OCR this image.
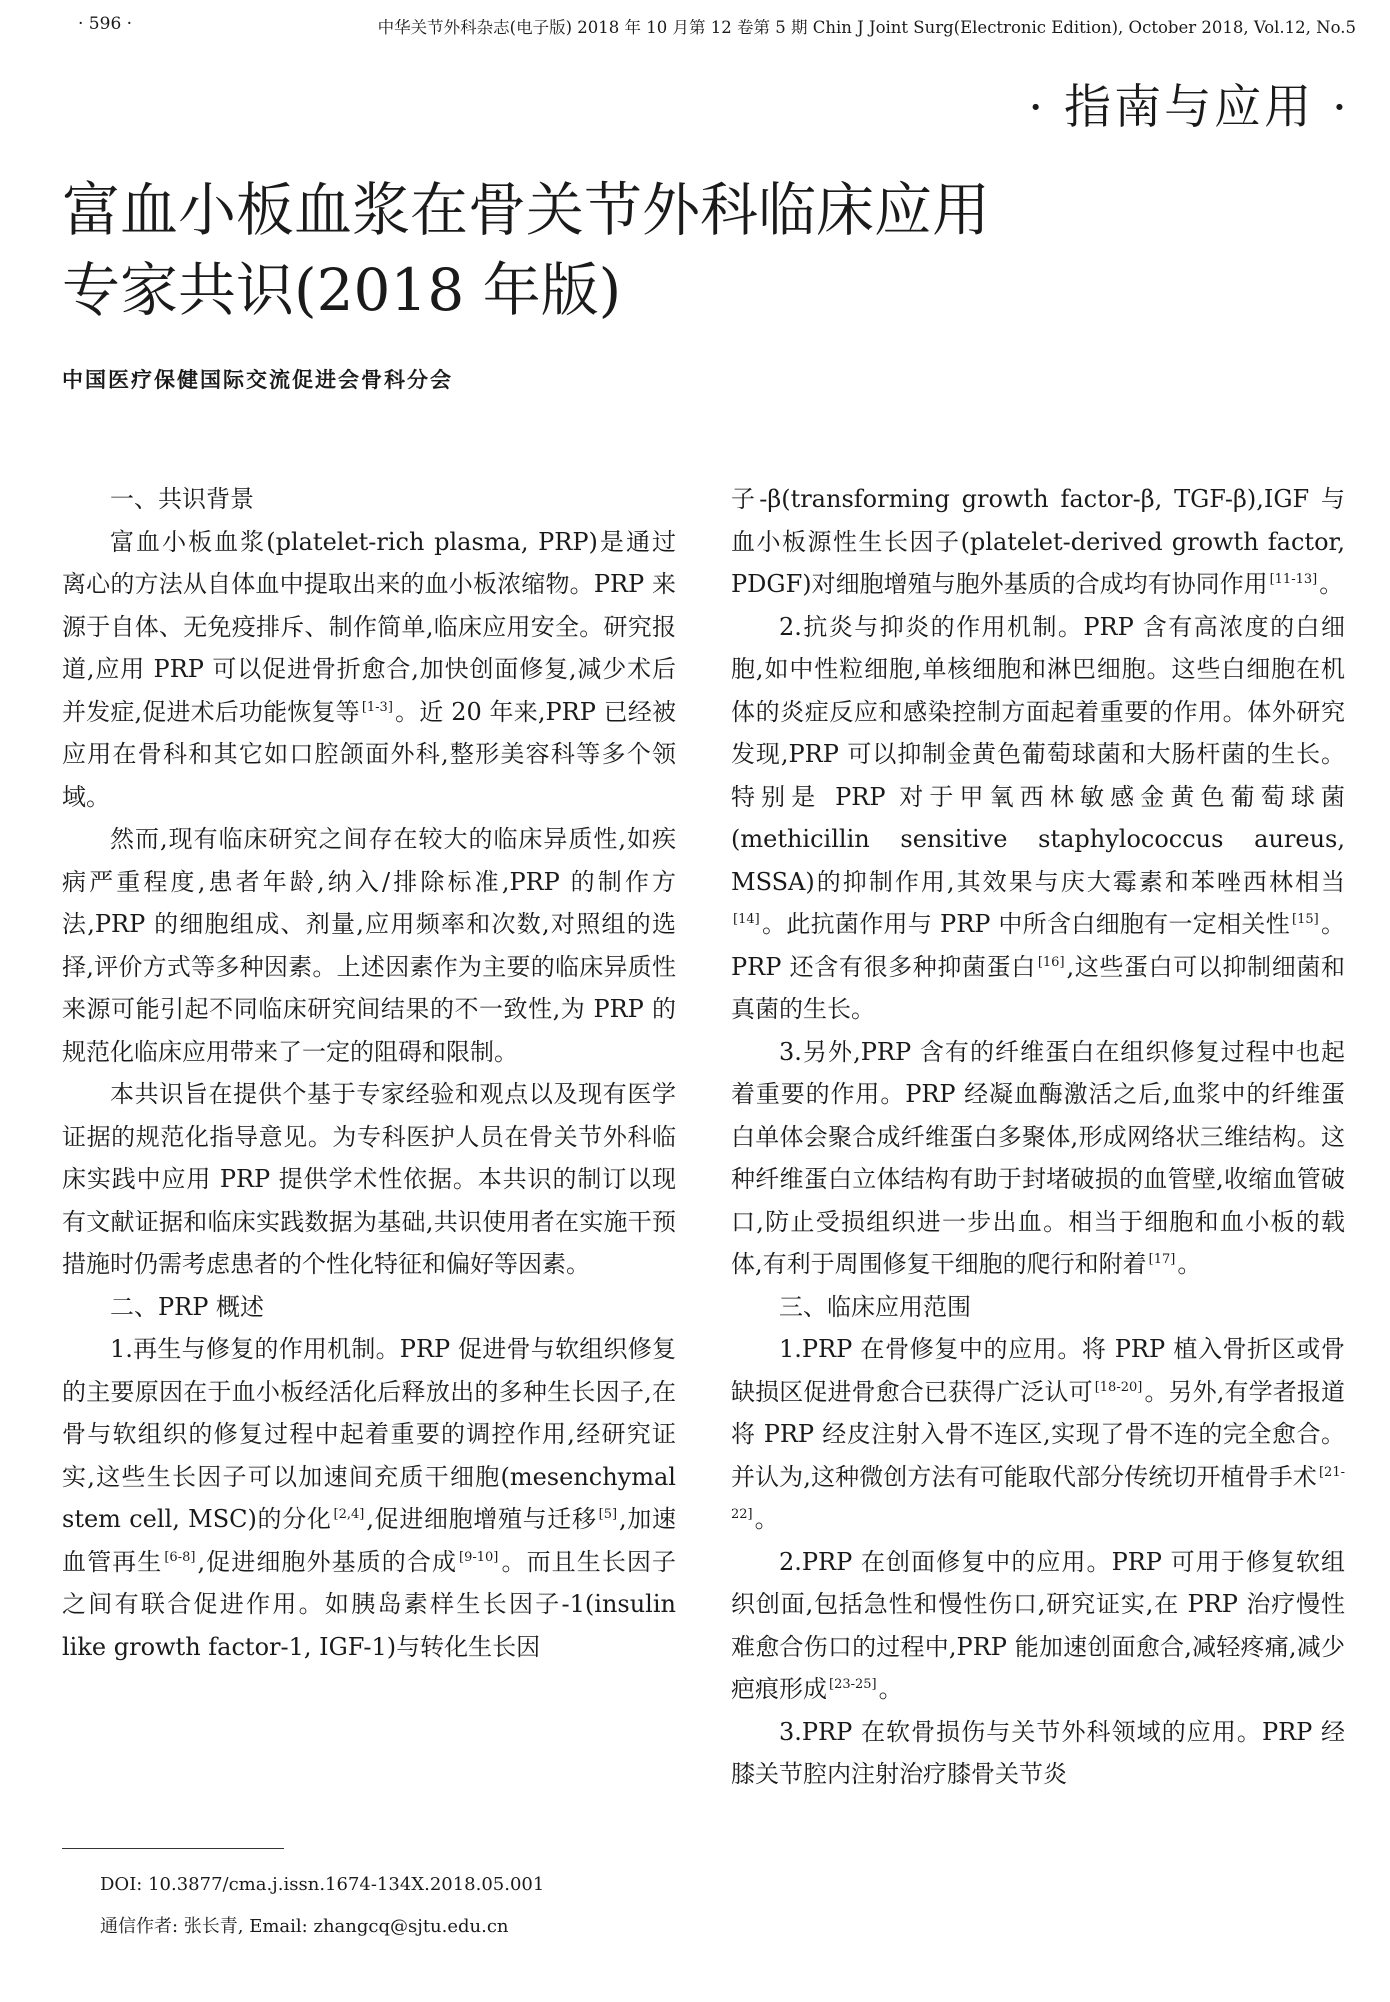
· 596 ·	中华关节外科杂志(电子版) 2018 年 10 月第 12 卷第 5 期 Chin J Joint Surg(Electronic Edition), October 2018, Vol.12, No.5
· 指南与应用 ·
富血小板血浆在骨关节外科临床应用
专家共识(2018 年版)
中国医疗保健国际交流促进会骨科分会
一、共识背景

富血小板血浆(platelet-rich plasma, PRP)是通过离心的方法从自体血中提取出来的血小板浓缩物。PRP 来源于自体、无免疫排斥、制作简单,临床应用安全。研究报道,应用 PRP 可以促进骨折愈合,加快创面修复,减少术后并发症,促进术后功能恢复等 [1-3]。近 20 年来,PRP 已经被应用在骨科和其它如口腔颌面外科,整形美容科等多个领域。

然而,现有临床研究之间存在较大的临床异质性,如疾病严重程度,患者年龄,纳入/排除标准,PRP 的制作方法,PRP 的细胞组成、剂量,应用频率和次数,对照组的选择,评价方式等多种因素。上述因素作为主要的临床异质性来源可能引起不同临床研究间结果的不一致性,为 PRP 的规范化临床应用带来了一定的阻碍和限制。

本共识旨在提供个基于专家经验和观点以及现有医学证据的规范化指导意见。为专科医护人员在骨关节外科临床实践中应用 PRP 提供学术性依据。本共识的制订以现有文献证据和临床实践数据为基础,共识使用者在实施干预措施时仍需考虑患者的个性化特征和偏好等因素。

二、PRP 概述

1.再生与修复的作用机制。PRP 促进骨与软组织修复的主要原因在于血小板经活化后释放出的多种生长因子,在骨与软组织的修复过程中起着重要的调控作用,经研究证实,这些生长因子可以加速间充质干细胞(mesenchymal stem cell, MSC)的分化 [2,4],促进细胞增殖与迁移 [5],加速血管再生 [6-8],促进细胞外基质的合成 [9-10]。而且生长因子之间有联合促进作用。如胰岛素样生长因子-1(insulin like growth factor-1, IGF-1)与转化生长因

子-β(transforming growth factor-β, TGF-β),IGF 与血小板源性生长因子(platelet-derived growth factor, PDGF)对细胞增殖与胞外基质的合成均有协同作用 [11-13]。

2.抗炎与抑炎的作用机制。PRP 含有高浓度的白细胞,如中性粒细胞,单核细胞和淋巴细胞。这些白细胞在机体的炎症反应和感染控制方面起着重要的作用。体外研究发现,PRP 可以抑制金黄色葡萄球菌和大肠杆菌的生长。特别是 PRP 对于甲氧西林敏感金黄色葡萄球菌(methicillin sensitive staphylococcus aureus, MSSA)的抑制作用,其效果与庆大霉素和苯唑西林相当[14]。此抗菌作用与 PRP 中所含白细胞有一定相关性 [15]。PRP 还含有很多种抑菌蛋白 [16],这些蛋白可以抑制细菌和真菌的生长。

3.另外,PRP 含有的纤维蛋白在组织修复过程中也起着重要的作用。PRP 经凝血酶激活之后,血浆中的纤维蛋白单体会聚合成纤维蛋白多聚体,形成网络状三维结构。这种纤维蛋白立体结构有助于封堵破损的血管壁,收缩血管破口,防止受损组织进一步出血。相当于细胞和血小板的载体,有利于周围修复干细胞的爬行和附着 [17]。

三、临床应用范围

1.PRP 在骨修复中的应用。将 PRP 植入骨折区或骨缺损区促进骨愈合已获得广泛认可 [18-20]。另外,有学者报道将 PRP 经皮注射入骨不连区,实现了骨不连的完全愈合。并认为,这种微创方法有可能取代部分传统切开植骨手术 [21-22]。

2.PRP 在创面修复中的应用。PRP 可用于修复软组织创面,包括急性和慢性伤口,研究证实,在 PRP 治疗慢性难愈合伤口的过程中,PRP 能加速创面愈合,减轻疼痛,减少疤痕形成 [23-25]。

3.PRP 在软骨损伤与关节外科领域的应用。PRP 经膝关节腔内注射治疗膝骨关节炎

DOI: 10.3877/cma.j.issn.1674-134X.2018.05.001
通信作者: 张长青, Email: zhangcq@sjtu.edu.cn
